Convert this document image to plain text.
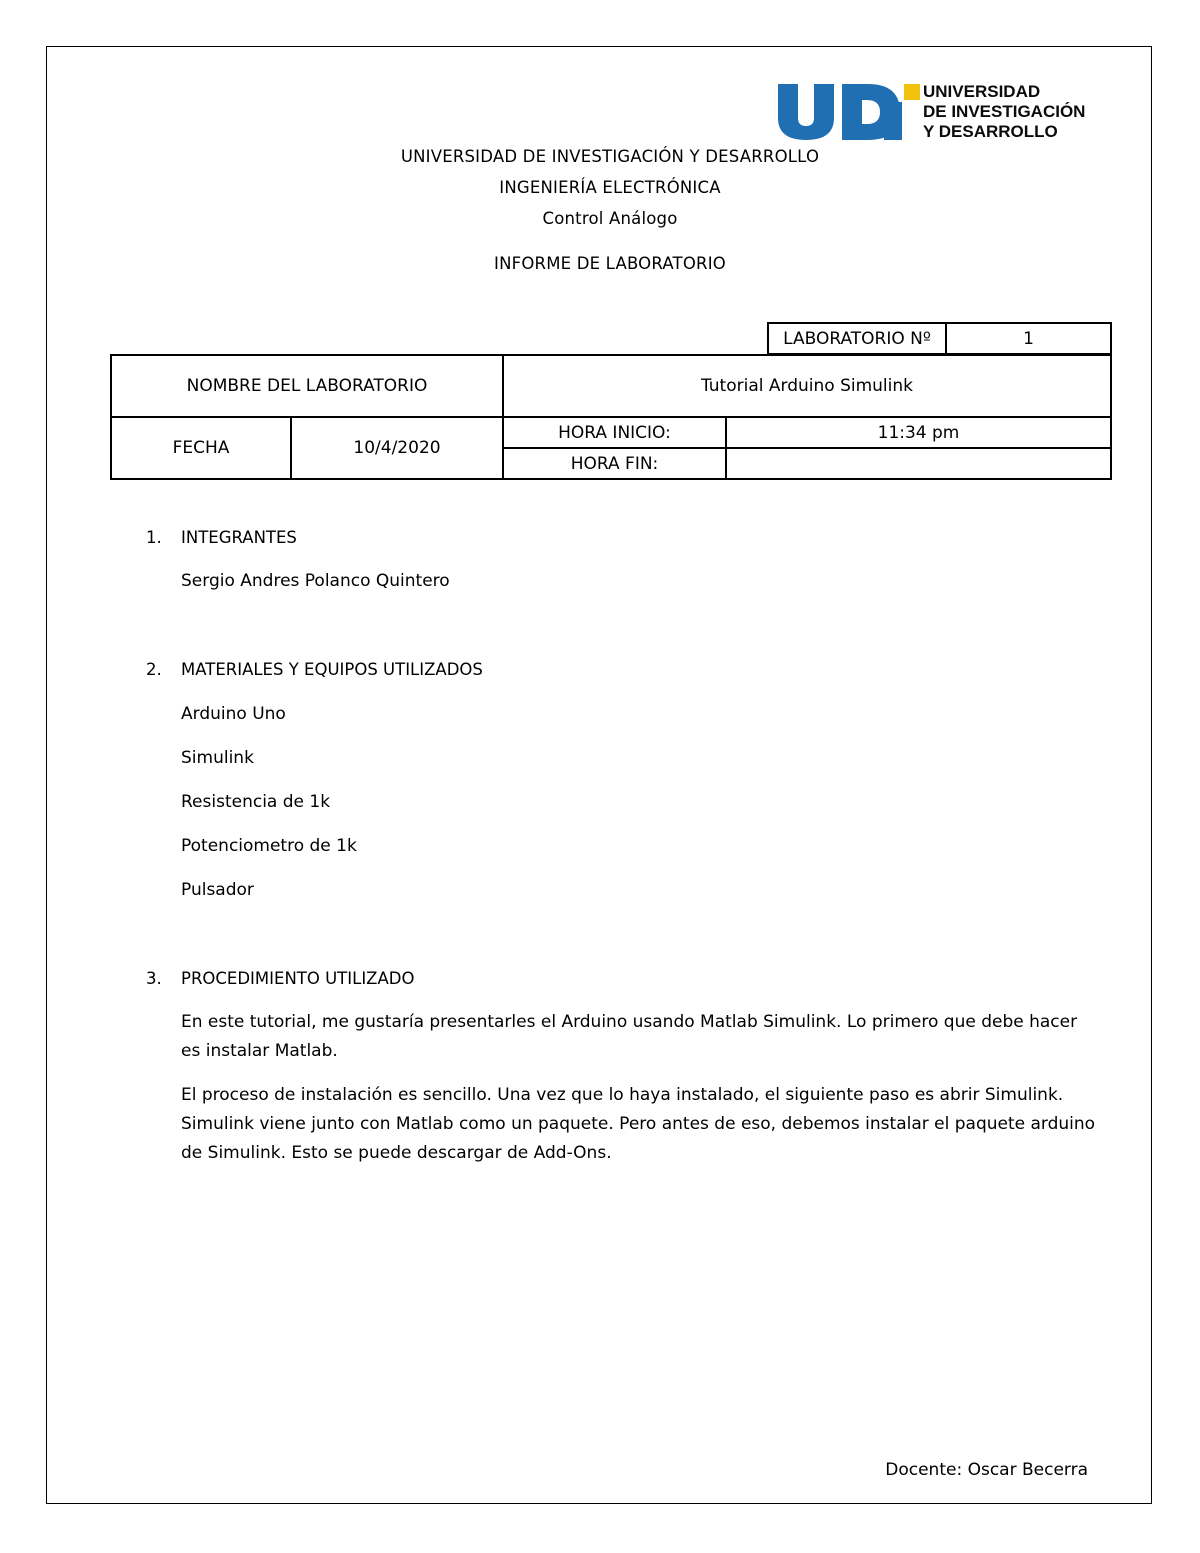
UNIVERSIDAD
DE INVESTIGACIÓN
Y DESARROLLO
UNIVERSIDAD DE INVESTIGACIÓN Y DESARROLLO
INGENIERÍA ELECTRÓNICA
Control Análogo
INFORME DE LABORATORIO
LABORATORIO Nº	1
NOMBRE DEL LABORATORIO		Tutorial Arduino Simulink	
FECHA	10/4/2020	HORA INICIO:	11:34 pm
		HORA FIN:	
1. INTEGRANTES
Sergio Andres Polanco Quintero
2. MATERIALES Y EQUIPOS UTILIZADOS
Arduino Uno
Simulink
Resistencia de 1k
Potenciometro de 1k
Pulsador
3. PROCEDIMIENTO UTILIZADO

En este tutorial, me gustaría presentarles el Arduino usando Matlab Simulink. Lo primero que debe hacer es instalar Matlab.

El proceso de instalación es sencillo. Una vez que lo haya instalado, el siguiente paso es abrir Simulink. Simulink viene junto con Matlab como un paquete. Pero antes de eso, debemos instalar el paquete arduino de Simulink. Esto se puede descargar de Add-Ons.

Docente: Oscar Becerra
